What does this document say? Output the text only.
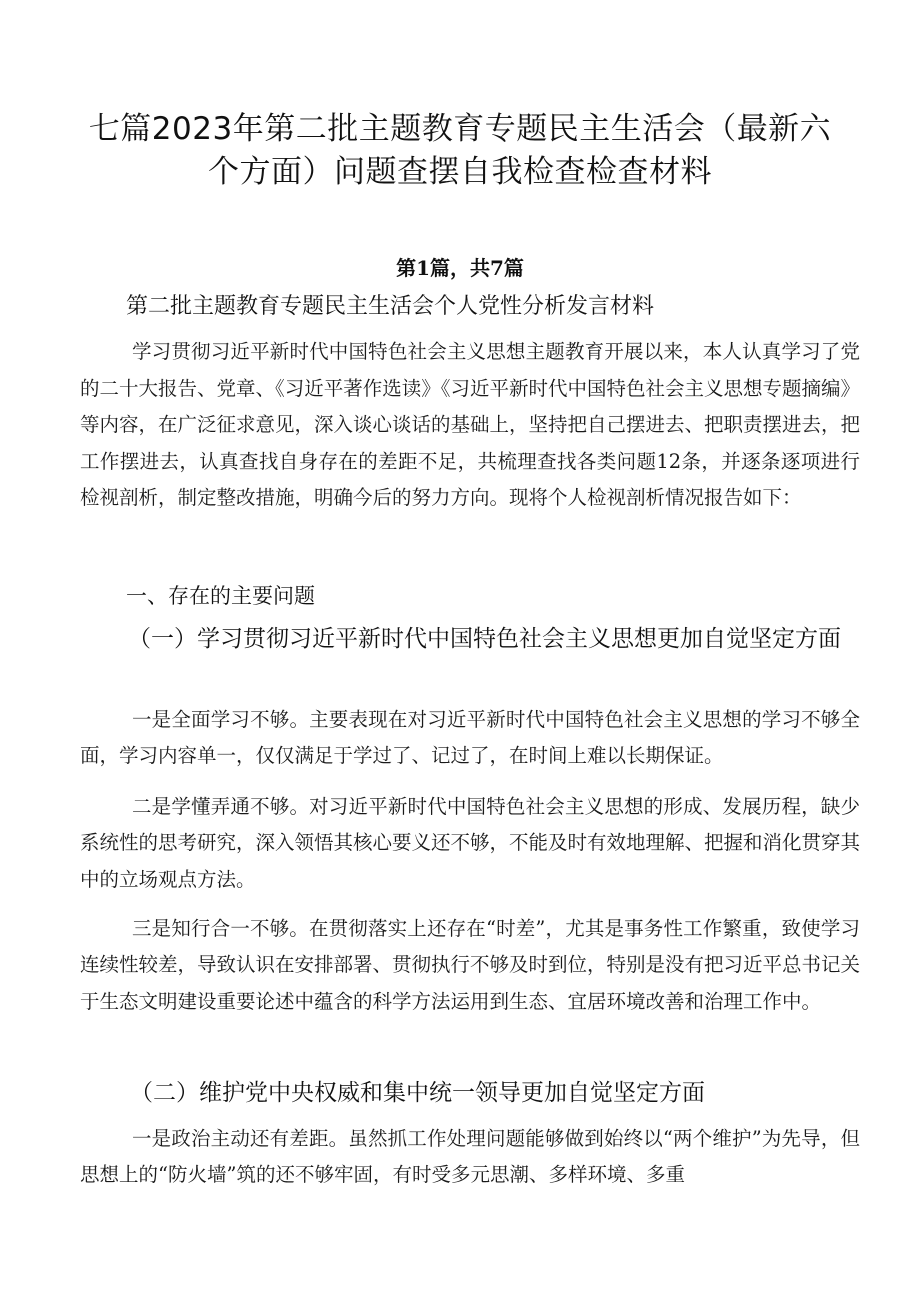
七篇2023年第二批主题教育专题民主生活会（最新六
个方面）问题查摆自我检查检查材料
第1篇，共7篇
第二批主题教育专题民主生活会个人党性分析发言材料
学习贯彻习近平新时代中国特色社会主义思想主题教育开展以来，本人认真学习了党的二十大报告、党章、《习近平著作选读》《习近平新时代中国特色社会主义思想专题摘编》等内容，在广泛征求意见，深入谈心谈话的基础上，坚持把自己摆进去、把职责摆进去，把工作摆进去，认真查找自身存在的差距不足，共梳理查找各类问题12条，并逐条逐项进行检视剖析，制定整改措施，明确今后的努力方向。现将个人检视剖析情况报告如下：
一、存在的主要问题
（一）学习贯彻习近平新时代中国特色社会主义思想更加自觉坚定方面
一是全面学习不够。主要表现在对习近平新时代中国特色社会主义思想的学习不够全面，学习内容单一，仅仅满足于学过了、记过了，在时间上难以长期保证。
二是学懂弄通不够。对习近平新时代中国特色社会主义思想的形成、发展历程，缺少系统性的思考研究，深入领悟其核心要义还不够，不能及时有效地理解、把握和消化贯穿其中的立场观点方法。
三是知行合一不够。在贯彻落实上还存在“时差”，尤其是事务性工作繁重，致使学习连续性较差，导致认识在安排部署、贯彻执行不够及时到位，特别是没有把习近平总书记关于生态文明建设重要论述中蕴含的科学方法运用到生态、宜居环境改善和治理工作中。
（二）维护党中央权威和集中统一领导更加自觉坚定方面
一是政治主动还有差距。虽然抓工作处理问题能够做到始终以“两个维护”为先导，但思想上的“防火墙”筑的还不够牢固，有时受多元思潮、多样环境、多重
